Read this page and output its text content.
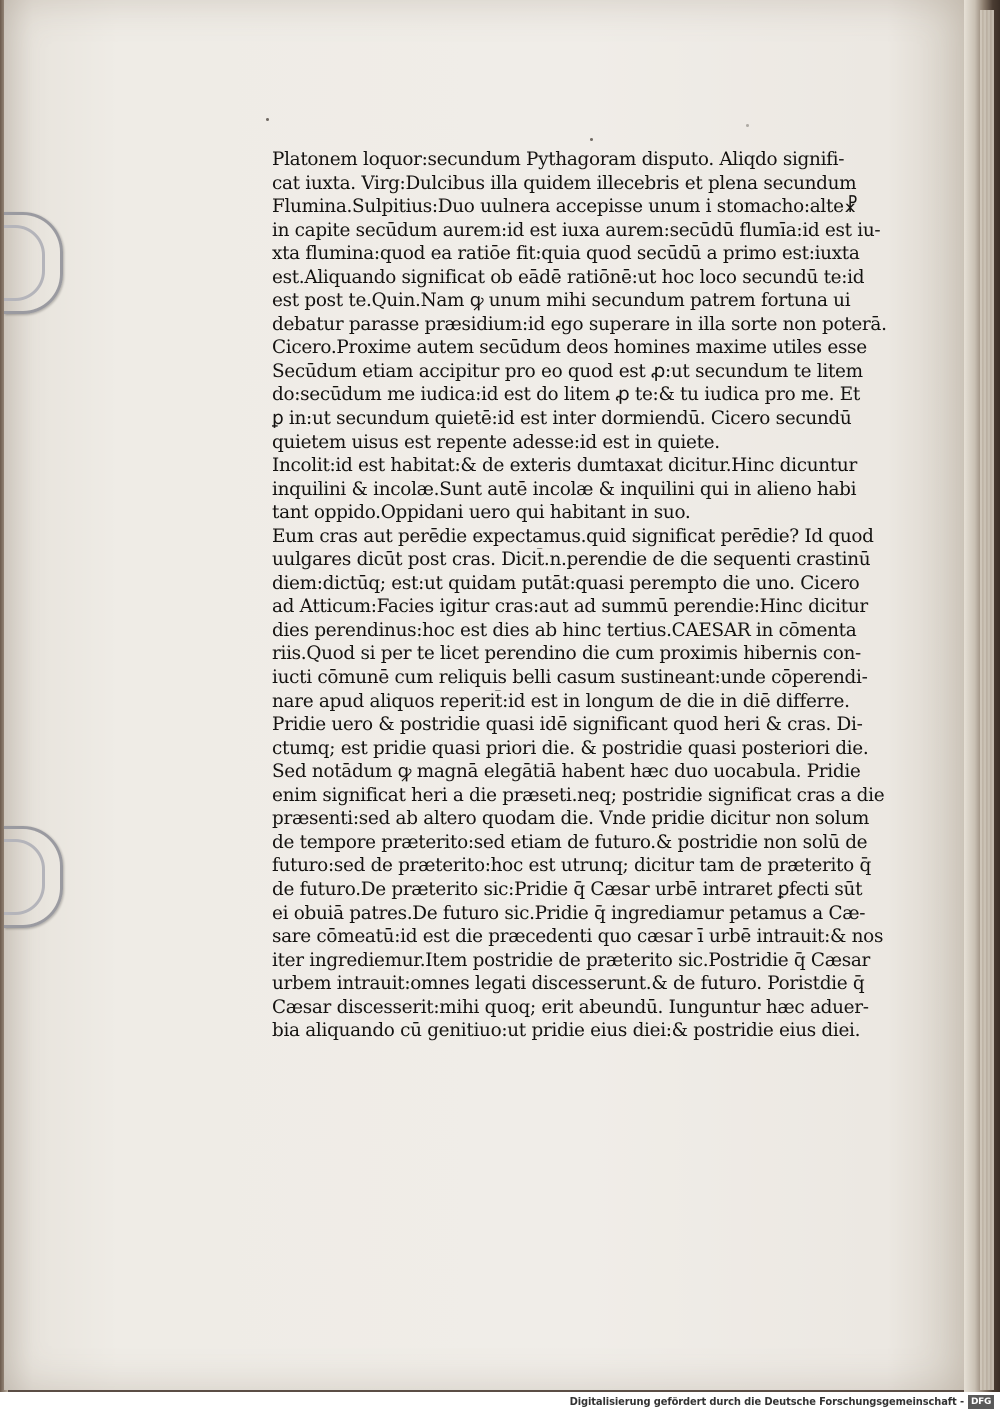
Platonem loquor:secundum Pythagoram disputo. Aliqdo signifi-
cat iuxta. Virg:Dulcibus illa quidem illecebris et plena secundum
Flumina.Sulpitius:Duo uulnera accepisse unum i stomacho:alte☧
in capite secūdum aurem:id est iuxa aurem:secūdū flumīa:id est iu-
xta flumina:quod ea ratiōe fit:quia quod secūdū a primo est:iuxta
est.Aliquando significat ob eādē ratiōnē:ut hoc loco secundū te:id
est post te.Quin.Nam ꝙ unum mihi secundum patrem fortuna ui
debatur parasse præsidium:id ego superare in illa sorte non poterā.
Cicero.Proxime autem secūdum deos homines maxime utiles esse
Secūdum etiam accipitur pro eo quod est ꝓ:ut secundum te litem
do:secūdum me iudica:id est do litem ꝓ te:& tu iudica pro me. Et
ꝑ in:ut secundum quietē:id est inter dormiendū. Cicero secundū
quietem uisus est repente adesse:id est in quiete.
Incolit:id est habitat:& de exteris dumtaxat dicitur.Hinc dicuntur
inquilini & incolæ.Sunt autē incolæ & inquilini qui in alieno habi
tant oppido.Oppidani uero qui habitant in suo.
Eum cras aut perēdie expectamus.quid significat perēdie? Id quod
uulgares dicūt post cras. Dicit̄.n.perendie de die sequenti crastinū
diem:dictūq; est:ut quidam putāt:quasi perempto die uno. Cicero
ad Atticum:Facies igitur cras:aut ad summū perendie:Hinc dicitur
dies perendinus:hoc est dies ab hinc tertius.CAESAR in cōmenta
riis.Quod si per te licet perendino die cum proximis hibernis con-
iucti cōmunē cum reliquis belli casum sustineant:unde cōperendi-
nare apud aliquos reperit̄:id est in longum de die in diē differre.
Pridie uero & postridie quasi idē significant quod heri & cras. Di-
ctumq; est pridie quasi priori die. & postridie quasi posteriori die.
Sed notādum ꝙ magnā elegātiā habent hæc duo uocabula. Pridie
enim significat heri a die præseti.neq; postridie significat cras a die
præsenti:sed ab altero quodam die. Vnde pridie dicitur non solum
de tempore præterito:sed etiam de futuro.& postridie non solū de
futuro:sed de præterito:hoc est utrunq; dicitur tam de præterito q̄
de futuro.De præterito sic:Pridie q̄ Cæsar urbē intraret ꝑfecti sūt
ei obuiā patres.De futuro sic.Pridie q̄ ingrediamur petamus a Cæ-
sare cōmeatū:id est die præcedenti quo cæsar ī urbē intrauit:& nos
iter ingrediemur.Item postridie de præterito sic.Postridie q̄ Cæsar
urbem intrauit:omnes legati discesserunt.& de futuro. Poristdie q̄
Cæsar discesserit:mihi quoq; erit abeundū. Iunguntur hæc aduer-
bia aliquando cū genitiuo:ut pridie eius diei:& postridie eius diei.
Digitalisierung gefördert durch die Deutsche Forschungsgemeinschaft - DFG
